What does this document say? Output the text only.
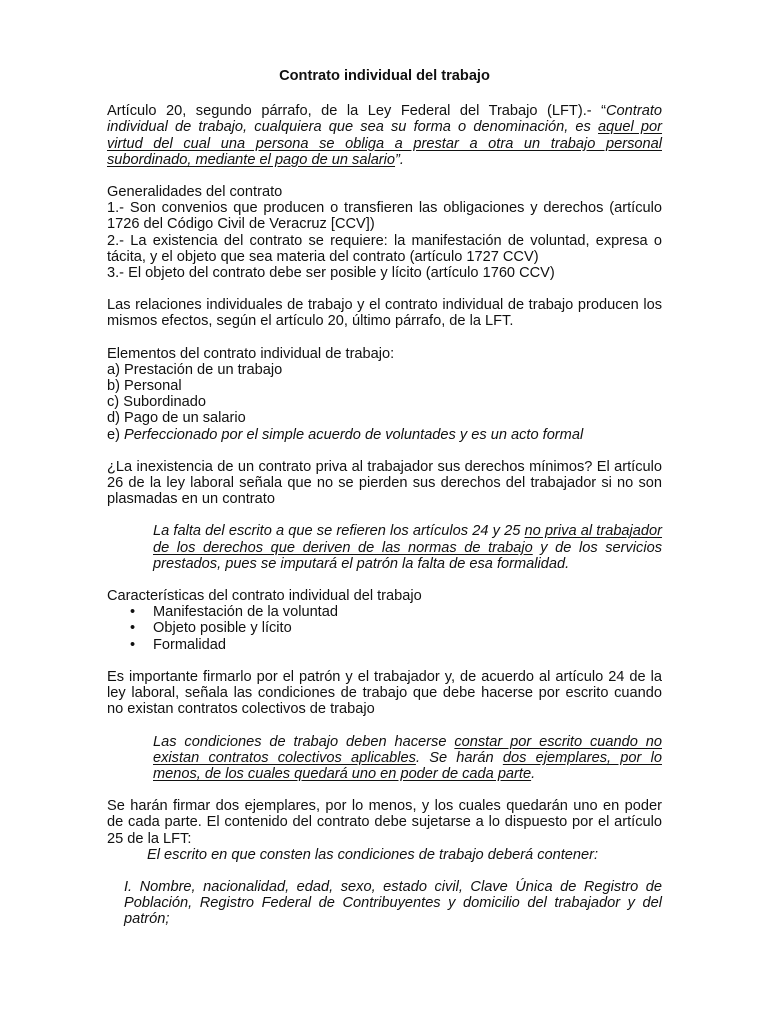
Contrato individual del trabajo

Artículo 20, segundo párrafo, de la Ley Federal del Trabajo (LFT).- “Contrato individual de trabajo, cualquiera que sea su forma o denominación, es aquel por virtud del cual una persona se obliga a prestar a otra un trabajo personal subordinado, mediante el pago de un salario”.

Generalidades del contrato
1.- Son convenios que producen o transfieren las obligaciones y derechos (artículo 1726 del Código Civil de Veracruz [CCV])
2.- La existencia del contrato se requiere: la manifestación de voluntad, expresa o tácita, y el objeto que sea materia del contrato (artículo 1727 CCV)
3.- El objeto del contrato debe ser posible y lícito (artículo 1760 CCV)

Las relaciones individuales de trabajo y el contrato individual de trabajo producen los mismos efectos, según el artículo 20, último párrafo, de la LFT.

Elementos del contrato individual de trabajo:
a) Prestación de un trabajo
b) Personal
c) Subordinado
d) Pago de un salario
e) Perfeccionado por el simple acuerdo de voluntades y es un acto formal

¿La inexistencia de un contrato priva al trabajador sus derechos mínimos? El artículo 26 de la ley laboral señala que no se pierden sus derechos del trabajador si no son plasmadas en un contrato

La falta del escrito a que se refieren los artículos 24 y 25 no priva al trabajador de los derechos que deriven de las normas de trabajo y de los servicios prestados, pues se imputará el patrón la falta de esa formalidad.
Características del contrato individual del trabajo
• Manifestación de la voluntad
• Objeto posible y lícito
• Formalidad

Es importante firmarlo por el patrón y el trabajador y, de acuerdo al artículo 24 de la ley laboral, señala las condiciones de trabajo que debe hacerse por escrito cuando no existan contratos colectivos de trabajo

Las condiciones de trabajo deben hacerse constar por escrito cuando no existan contratos colectivos aplicables. Se harán dos ejemplares, por lo menos, de los cuales quedará uno en poder de cada parte.

Se harán firmar dos ejemplares, por lo menos, y los cuales quedarán uno en poder de cada parte. El contenido del contrato debe sujetarse a lo dispuesto por el artículo 25 de la LFT:

El escrito en que consten las condiciones de trabajo deberá contener:
I. Nombre, nacionalidad, edad, sexo, estado civil, Clave Única de Registro de
Población, Registro Federal de Contribuyentes y domicilio del trabajador y del patrón;
